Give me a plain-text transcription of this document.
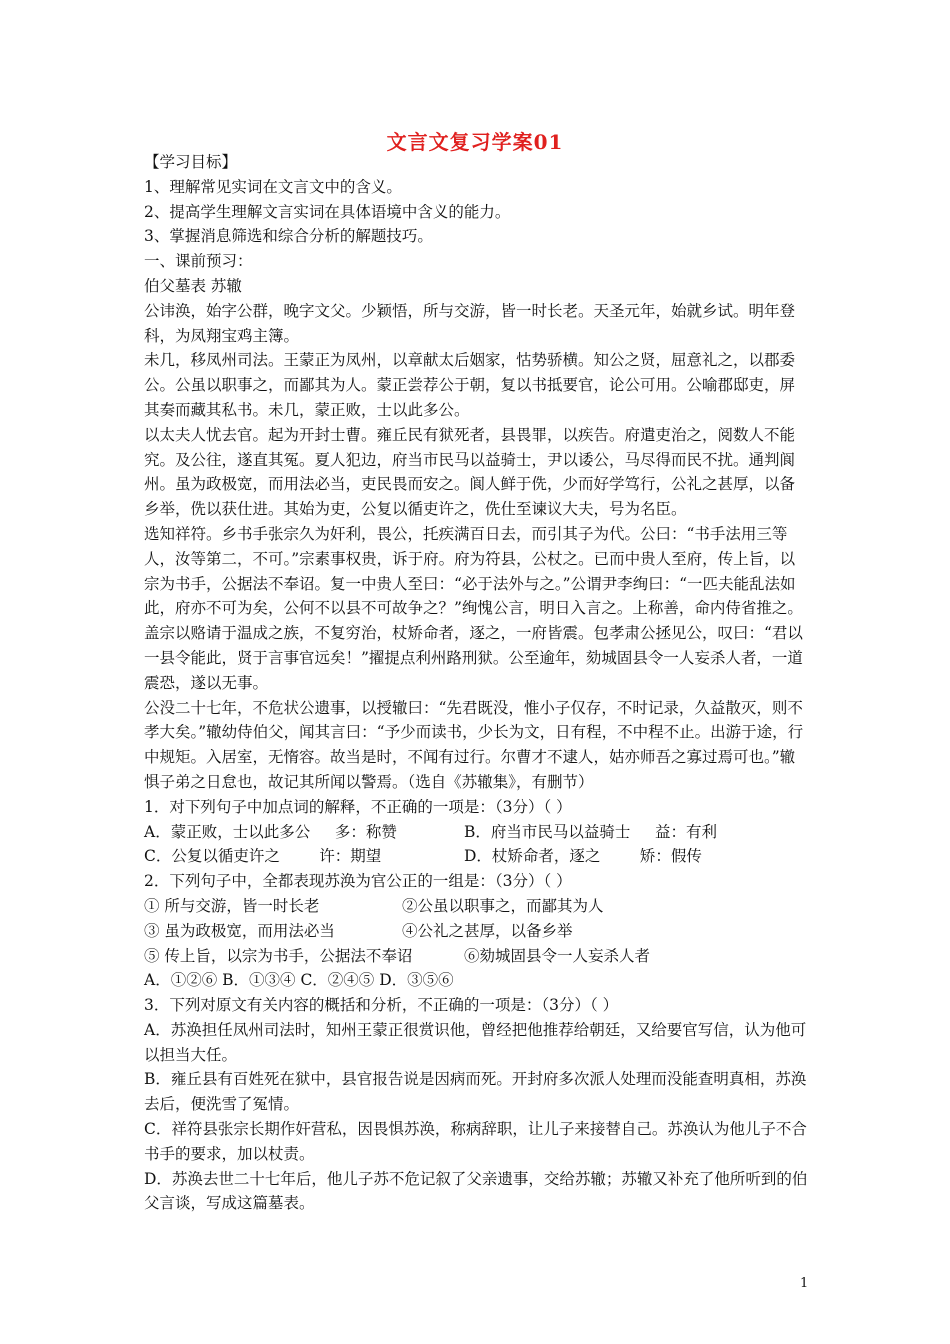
文言文复习学案01

【学习目标】

1、理解常见实词在文言文中的含义。

2、提高学生理解文言实词在具体语境中含义的能力。

3、掌握消息筛选和综合分析的解题技巧。

一、课前预习：

伯父墓表 苏辙

公讳涣，始字公群，晚字文父。少颖悟，所与交游，皆一时长老。天圣元年，始就乡试。明年登科，为凤翔宝鸡主簿。

未几，移凤州司法。王蒙正为凤州，以章献太后姻家，怙势骄横。知公之贤，屈意礼之，以郡委公。公虽以职事之，而鄙其为人。蒙正尝荐公于朝，复以书抵要官，论公可用。公喻郡邸吏，屏其奏而藏其私书。未几，蒙正败，士以此多公。

以太夫人忧去官。起为开封士曹。雍丘民有狱死者，县畏罪，以疾告。府遣吏治之，阅数人不能究。及公往，遂直其冤。夏人犯边，府当市民马以益骑士，尹以诿公，马尽得而民不扰。通判阆州。虽为政极宽，而用法必当，吏民畏而安之。阆人鲜于侁，少而好学笃行，公礼之甚厚，以备乡举，侁以获仕进。其始为吏，公复以循吏许之，侁仕至谏议大夫，号为名臣。

选知祥符。乡书手张宗久为奸利，畏公，托疾满百日去，而引其子为代。公曰：“书手法用三等人，汝等第二，不可。”宗素事权贵，诉于府。府为符县，公杖之。已而中贵人至府，传上旨，以宗为书手，公据法不奉诏。复一中贵人至曰：“必于法外与之。”公谓尹李绚曰：“一匹夫能乱法如此，府亦不可为矣，公何不以县不可故争之？”绚愧公言，明日入言之。上称善，命内侍省推之。盖宗以赂请于温成之族，不复穷治，杖矫命者，逐之，一府皆震。包孝肃公拯见公，叹曰：“君以一县令能此，贤于言事官远矣！”擢提点利州路刑狱。公至逾年，劾城固县令一人妄杀人者，一道震恐，遂以无事。

公没二十七年，不危状公遗事，以授辙曰：“先君既没，惟小子仅存，不时记录，久益散灭，则不孝大矣。”辙幼侍伯父，闻其言曰：“予少而读书，少长为文，日有程，不中程不止。出游于途，行中规矩。入居室，无惰容。故当是时，不闻有过行。尔曹才不逮人，姑亦师吾之寡过焉可也。”辙惧子弟之日怠也，故记其所闻以警焉。（选自《苏辙集》，有删节）

1．对下列句子中加点词的解释，不正确的一项是：（3分）（ ）

A．蒙正败，士以此多公     多：称赞	B．府当市民马以益骑士     益：有利
C．公复以循吏许之        许：期望	D．杖矫命者，逐之        矫：假传

2．下列句子中，全都表现苏涣为官公正的一组是：（3分）（ ）

① 所与交游，皆一时长老	②公虽以职事之，而鄙其为人
③ 虽为政极宽，而用法必当	④公礼之甚厚，以备乡举
⑤ 传上旨，以宗为书手，公据法不奉诏	⑥劾城固县令一人妄杀人者

A．①②⑥ B．①③④ C．②④⑤ D．③⑤⑥

3．下列对原文有关内容的概括和分析，不正确的一项是：（3分）（ ）

A．苏涣担任凤州司法时，知州王蒙正很赏识他，曾经把他推荐给朝廷，又给要官写信，认为他可以担当大任。

B．雍丘县有百姓死在狱中，县官报告说是因病而死。开封府多次派人处理而没能查明真相，苏涣去后，便洗雪了冤情。

C．祥符县张宗长期作奸营私，因畏惧苏涣，称病辞职，让儿子来接替自己。苏涣认为他儿子不合书手的要求，加以杖责。

D．苏涣去世二十七年后，他儿子苏不危记叙了父亲遗事，交给苏辙；苏辙又补充了他所听到的伯父言谈，写成这篇墓表。

1
